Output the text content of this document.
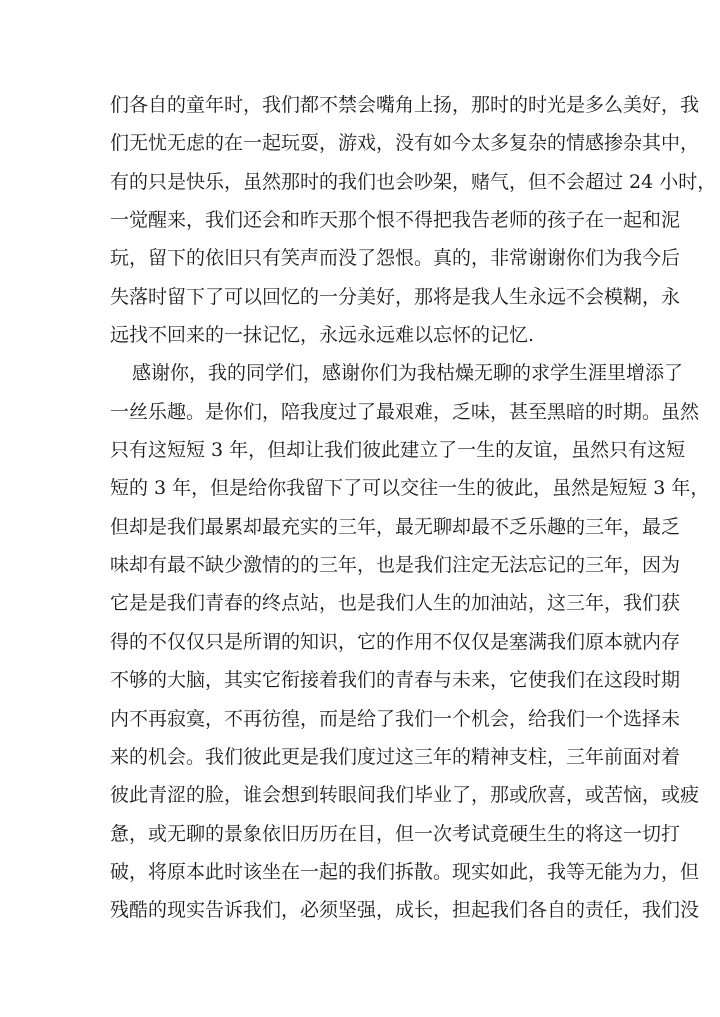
们各自的童年时，我们都不禁会嘴角上扬，那时的时光是多么美好，我
们无忧无虑的在一起玩耍，游戏，没有如今太多复杂的情感掺杂其中，
有的只是快乐，虽然那时的我们也会吵架，赌气，但不会超过 24 小时，
一觉醒来，我们还会和昨天那个恨不得把我告老师的孩子在一起和泥
玩，留下的依旧只有笑声而没了怨恨。真的，非常谢谢你们为我今后
失落时留下了可以回忆的一分美好，那将是我人生永远不会模糊，永
远找不回来的一抹记忆，永远永远难以忘怀的记忆.
感谢你，我的同学们，感谢你们为我枯燥无聊的求学生涯里增添了
一丝乐趣。是你们，陪我度过了最艰难，乏味，甚至黑暗的时期。虽然
只有这短短 3 年，但却让我们彼此建立了一生的友谊，虽然只有这短
短的 3 年，但是给你我留下了可以交往一生的彼此，虽然是短短 3 年，
但却是我们最累却最充实的三年，最无聊却最不乏乐趣的三年，最乏
味却有最不缺少激情的的三年，也是我们注定无法忘记的三年，因为
它是是我们青春的终点站，也是我们人生的加油站，这三年，我们获
得的不仅仅只是所谓的知识，它的作用不仅仅是塞满我们原本就内存
不够的大脑，其实它衔接着我们的青春与未来，它使我们在这段时期
内不再寂寞，不再彷徨，而是给了我们一个机会，给我们一个选择未
来的机会。我们彼此更是我们度过这三年的精神支柱，三年前面对着
彼此青涩的脸，谁会想到转眼间我们毕业了，那或欣喜，或苦恼，或疲
惫，或无聊的景象依旧历历在目，但一次考试竟硬生生的将这一切打
破，将原本此时该坐在一起的我们拆散。现实如此，我等无能为力，但
残酷的现实告诉我们，必须坚强，成长，担起我们各自的责任，我们没
